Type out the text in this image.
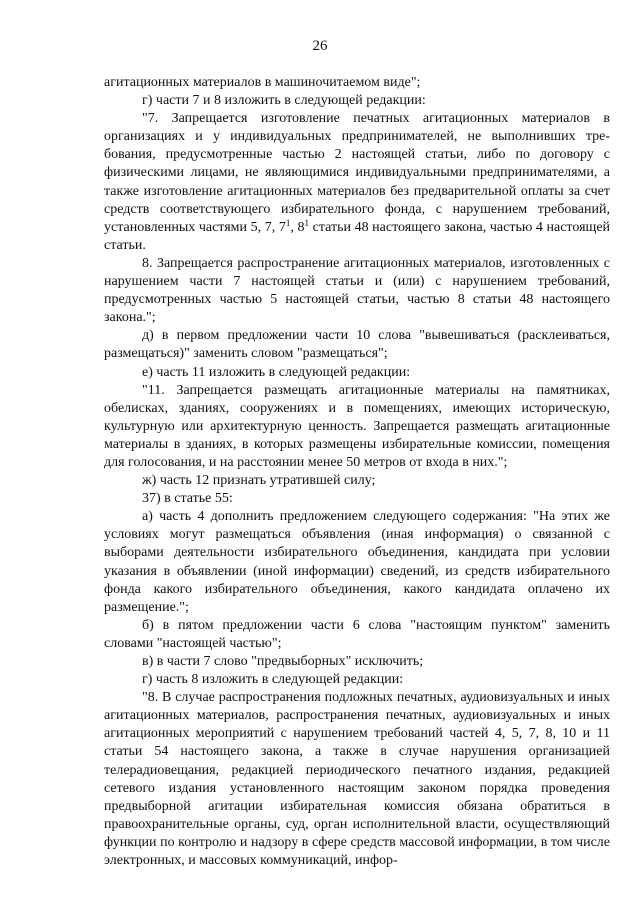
26

агитационных материалов в машиночитаемом виде";

г) части 7 и 8 изложить в следующей редакции:

"7. Запрещается изготовление печатных агитационных материалов в организациях и у индивидуальных предпринимателей, не выполнивших требования, предусмотренные частью 2 настоящей статьи, либо по договору с физическими лицами, не являющимися индивидуальными предпринимателями, а также изготовление агитационных материалов без предварительной оплаты за счет средств соответствующего избирательного фонда, с нарушением требований, установленных частями 5, 7, $7^1$, $8^1$ статьи 48 настоящего закона, частью 4 настоящей статьи.

8. Запрещается распространение агитационных материалов, изготовленных с нарушением части 7 настоящей статьи и (или) с нарушением требований, предусмотренных частью 5 настоящей статьи, частью 8 статьи 48 настоящего закона.";

д) в первом предложении части 10 слова "вывешиваться (расклеиваться, размещаться)" заменить словом "размещаться";

е) часть 11 изложить в следующей редакции:

"11. Запрещается размещать агитационные материалы на памятниках, обелисках, зданиях, сооружениях и в помещениях, имеющих историческую, культурную или архитектурную ценность. Запрещается размещать агитационные материалы в зданиях, в которых размещены избирательные комиссии, помещения для голосования, и на расстоянии менее 50 метров от входа в них.";

ж) часть 12 признать утратившей силу;

37) в статье 55:

а) часть 4 дополнить предложением следующего содержания: "На этих же условиях могут размещаться объявления (иная информация) о связанной с выборами деятельности избирательного объединения, кандидата при условии указания в объявлении (иной информации) сведений, из средств избирательного фонда какого избирательного объединения, какого кандидата оплачено их размещение.";

б) в пятом предложении части 6 слова "настоящим пунктом" заменить словами "настоящей частью";

в) в части 7 слово "предвыборных" исключить;

г) часть 8 изложить в следующей редакции:

"8. В случае распространения подложных печатных, аудиовизуальных и иных агитационных материалов, распространения печатных, аудиовизуальных и иных агитационных мероприятий с нарушением требований частей 4, 5, 7, 8, 10 и 11 статьи 54 настоящего закона, а также в случае нарушения организацией телерадиовещания, редакцией периодического печатного издания, редакцией сетевого издания установленного настоящим законом порядка проведения предвыборной агитации избирательная комиссия обязана обратиться в правоохранительные органы, суд, орган исполнительной власти, осуществляющий функции по контролю и надзору в сфере средств массовой информации, в том числе электронных, и массовых коммуникаций, инфор-
